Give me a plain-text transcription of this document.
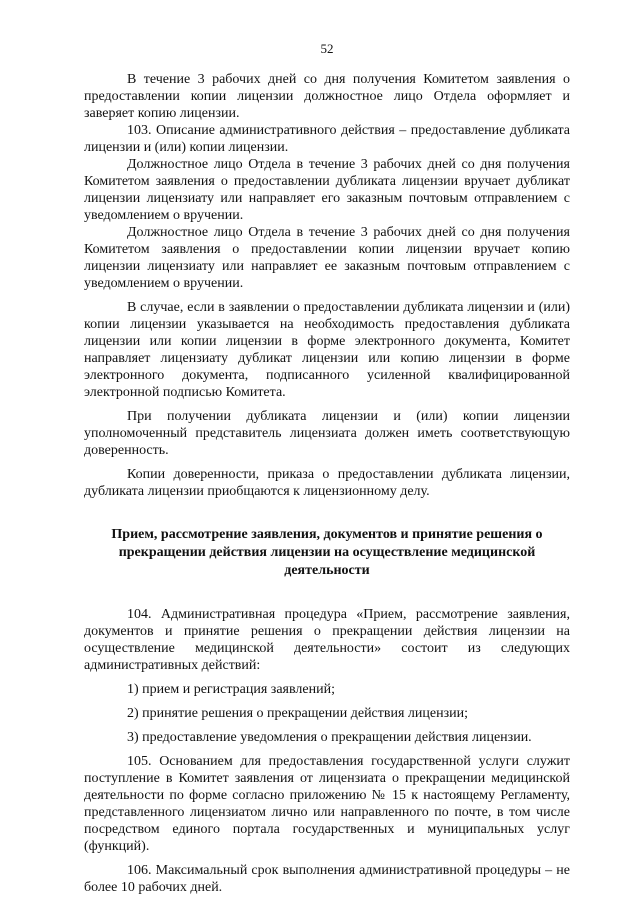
52

В течение 3 рабочих дней со дня получения Комитетом заявления о предоставлении копии лицензии должностное лицо Отдела оформляет и заверяет копию лицензии.

103. Описание административного действия – предоставление дубликата лицензии и (или) копии лицензии.

Должностное лицо Отдела в течение 3 рабочих дней со дня получения Комитетом заявления о предоставлении дубликата лицензии вручает дубликат лицензии лицензиату или направляет его заказным почтовым отправлением с уведомлением о вручении.

Должностное лицо Отдела в течение 3 рабочих дней со дня получения Комитетом заявления о предоставлении копии лицензии вручает копию лицензии лицензиату или направляет ее заказным почтовым отправлением с уведомлением о вручении.

В случае, если в заявлении о предоставлении дубликата лицензии и (или) копии лицензии указывается на необходимость предоставления дубликата лицензии или копии лицензии в форме электронного документа, Комитет направляет лицензиату дубликат лицензии или копию лицензии в форме электронного документа, подписанного усиленной квалифицированной электронной подписью Комитета.

При получении дубликата лицензии и (или) копии лицензии уполномоченный представитель лицензиата должен иметь соответствующую доверенность.

Копии доверенности, приказа о предоставлении дубликата лицензии, дубликата лицензии приобщаются к лицензионному делу.

Прием, рассмотрение заявления, документов и принятие решения о прекращении действия лицензии на осуществление медицинской деятельности

104. Административная процедура «Прием, рассмотрение заявления, документов и принятие решения о прекращении действия лицензии на осуществление медицинской деятельности» состоит из следующих административных действий:

1) прием и регистрация заявлений;

2) принятие решения о прекращении действия лицензии;

3) предоставление уведомления о прекращении действия лицензии.

105. Основанием для предоставления государственной услуги служит поступление в Комитет заявления от лицензиата о прекращении медицинской деятельности по форме согласно приложению № 15 к настоящему Регламенту, представленного лицензиатом лично или направленного по почте, в том числе посредством единого портала государственных и муниципальных услуг (функций).

106. Максимальный срок выполнения административной процедуры – не более 10 рабочих дней.
